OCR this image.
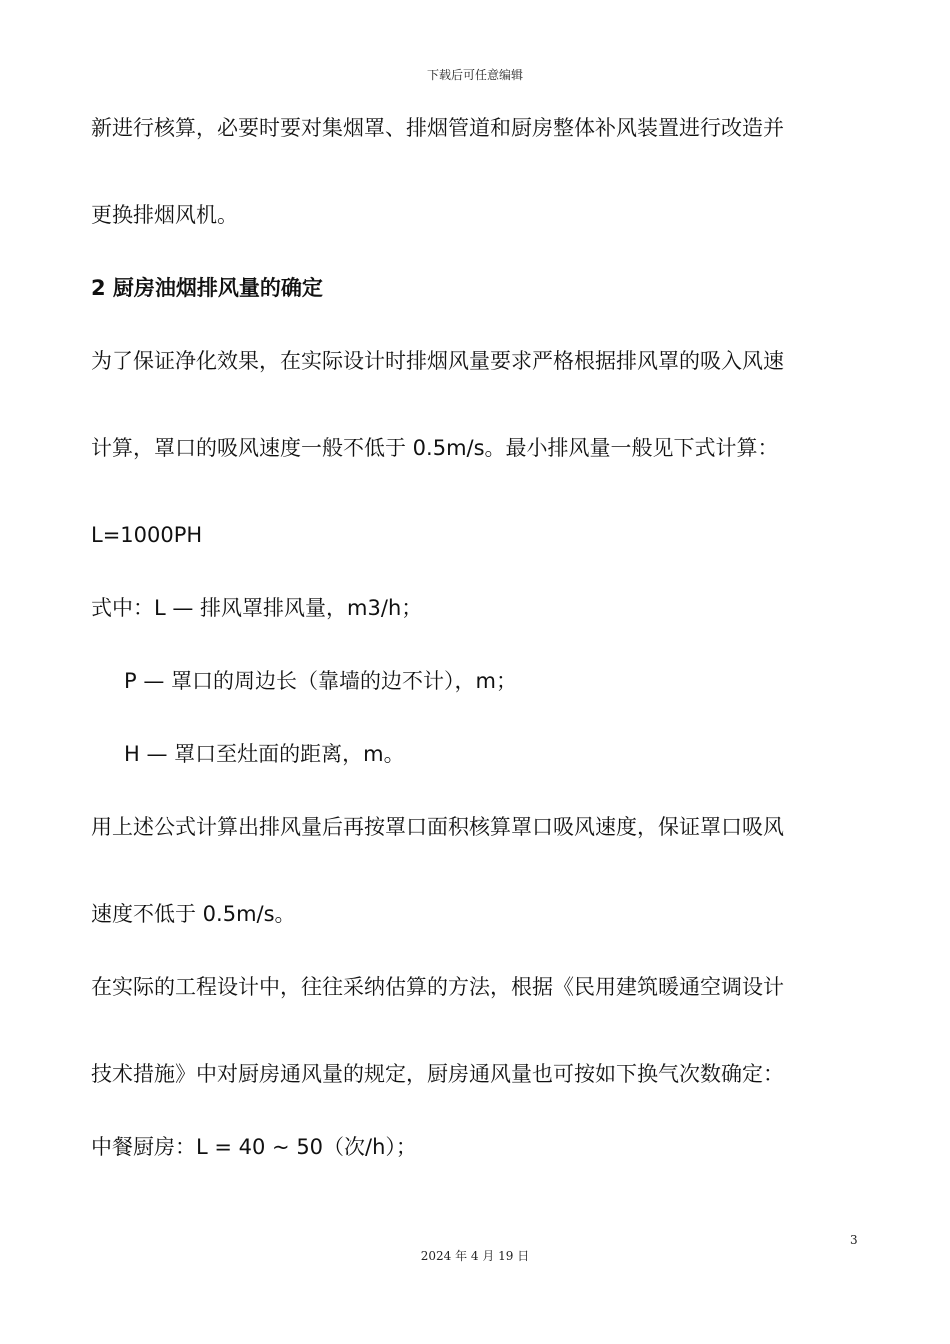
下载后可任意编辑
新进行核算，必要时要对集烟罩、排烟管道和厨房整体补风装置进行改造并
更换排烟风机。
2 厨房油烟排风量的确定
为了保证净化效果，在实际设计时排烟风量要求严格根据排风罩的吸入风速
计算，罩口的吸风速度一般不低于 0.5m/s。最小排风量一般见下式计算：
L=1000PH
式中：L — 排风罩排风量，m3/h；
P — 罩口的周边长（靠墙的边不计），m；
H — 罩口至灶面的距离，m。
用上述公式计算出排风量后再按罩口面积核算罩口吸风速度，保证罩口吸风
速度不低于 0.5m/s。
在实际的工程设计中，往往采纳估算的方法，根据《民用建筑暖通空调设计
技术措施》中对厨房通风量的规定，厨房通风量也可按如下换气次数确定：
中餐厨房：L = 40 ~ 50（次/h）；
3
2024 年 4 月 19 日
